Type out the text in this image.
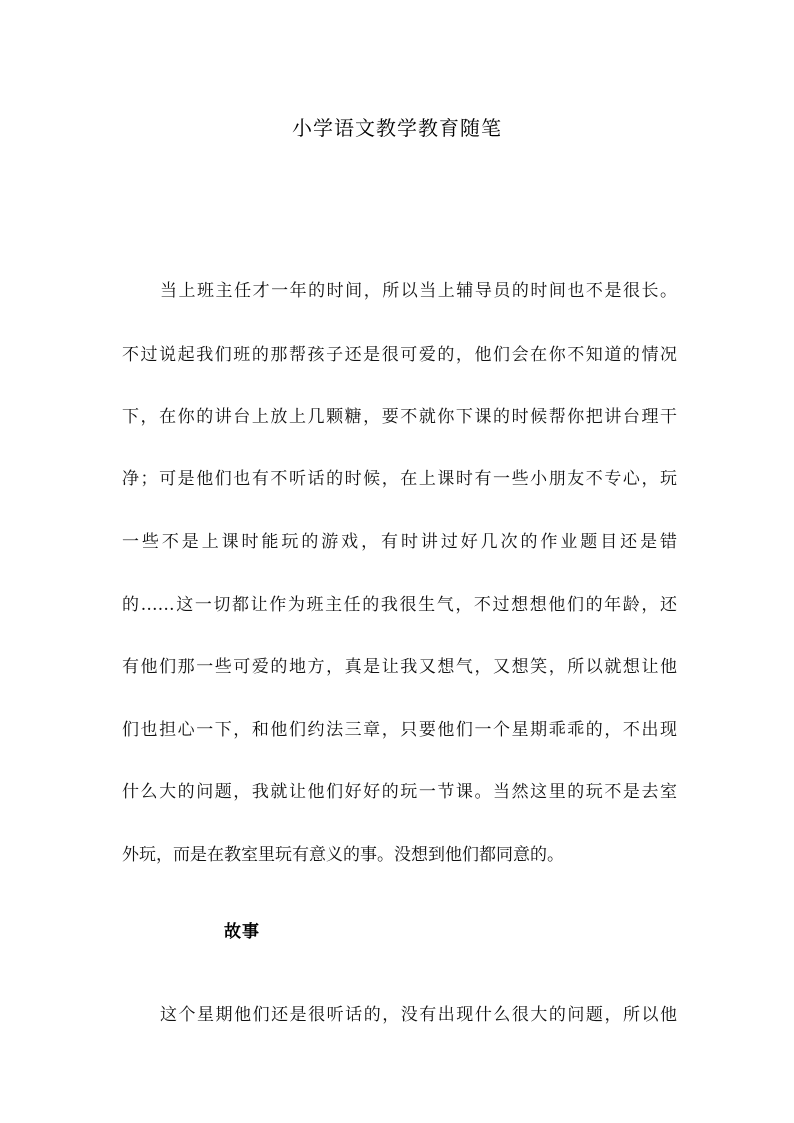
小学语文教学教育随笔
当上班主任才一年的时间，所以当上辅导员的时间也不是很长。
不过说起我们班的那帮孩子还是很可爱的，他们会在你不知道的情况
下，在你的讲台上放上几颗糖，要不就你下课的时候帮你把讲台理干
净；可是他们也有不听话的时候，在上课时有一些小朋友不专心，玩
一些不是上课时能玩的游戏，有时讲过好几次的作业题目还是错
的……这一切都让作为班主任的我很生气，不过想想他们的年龄，还
有他们那一些可爱的地方，真是让我又想气，又想笑，所以就想让他
们也担心一下，和他们约法三章，只要他们一个星期乖乖的，不出现
什么大的问题，我就让他们好好的玩一节课。当然这里的玩不是去室
外玩，而是在教室里玩有意义的事。没想到他们都同意的。
故事
这个星期他们还是很听话的，没有出现什么很大的问题，所以他
